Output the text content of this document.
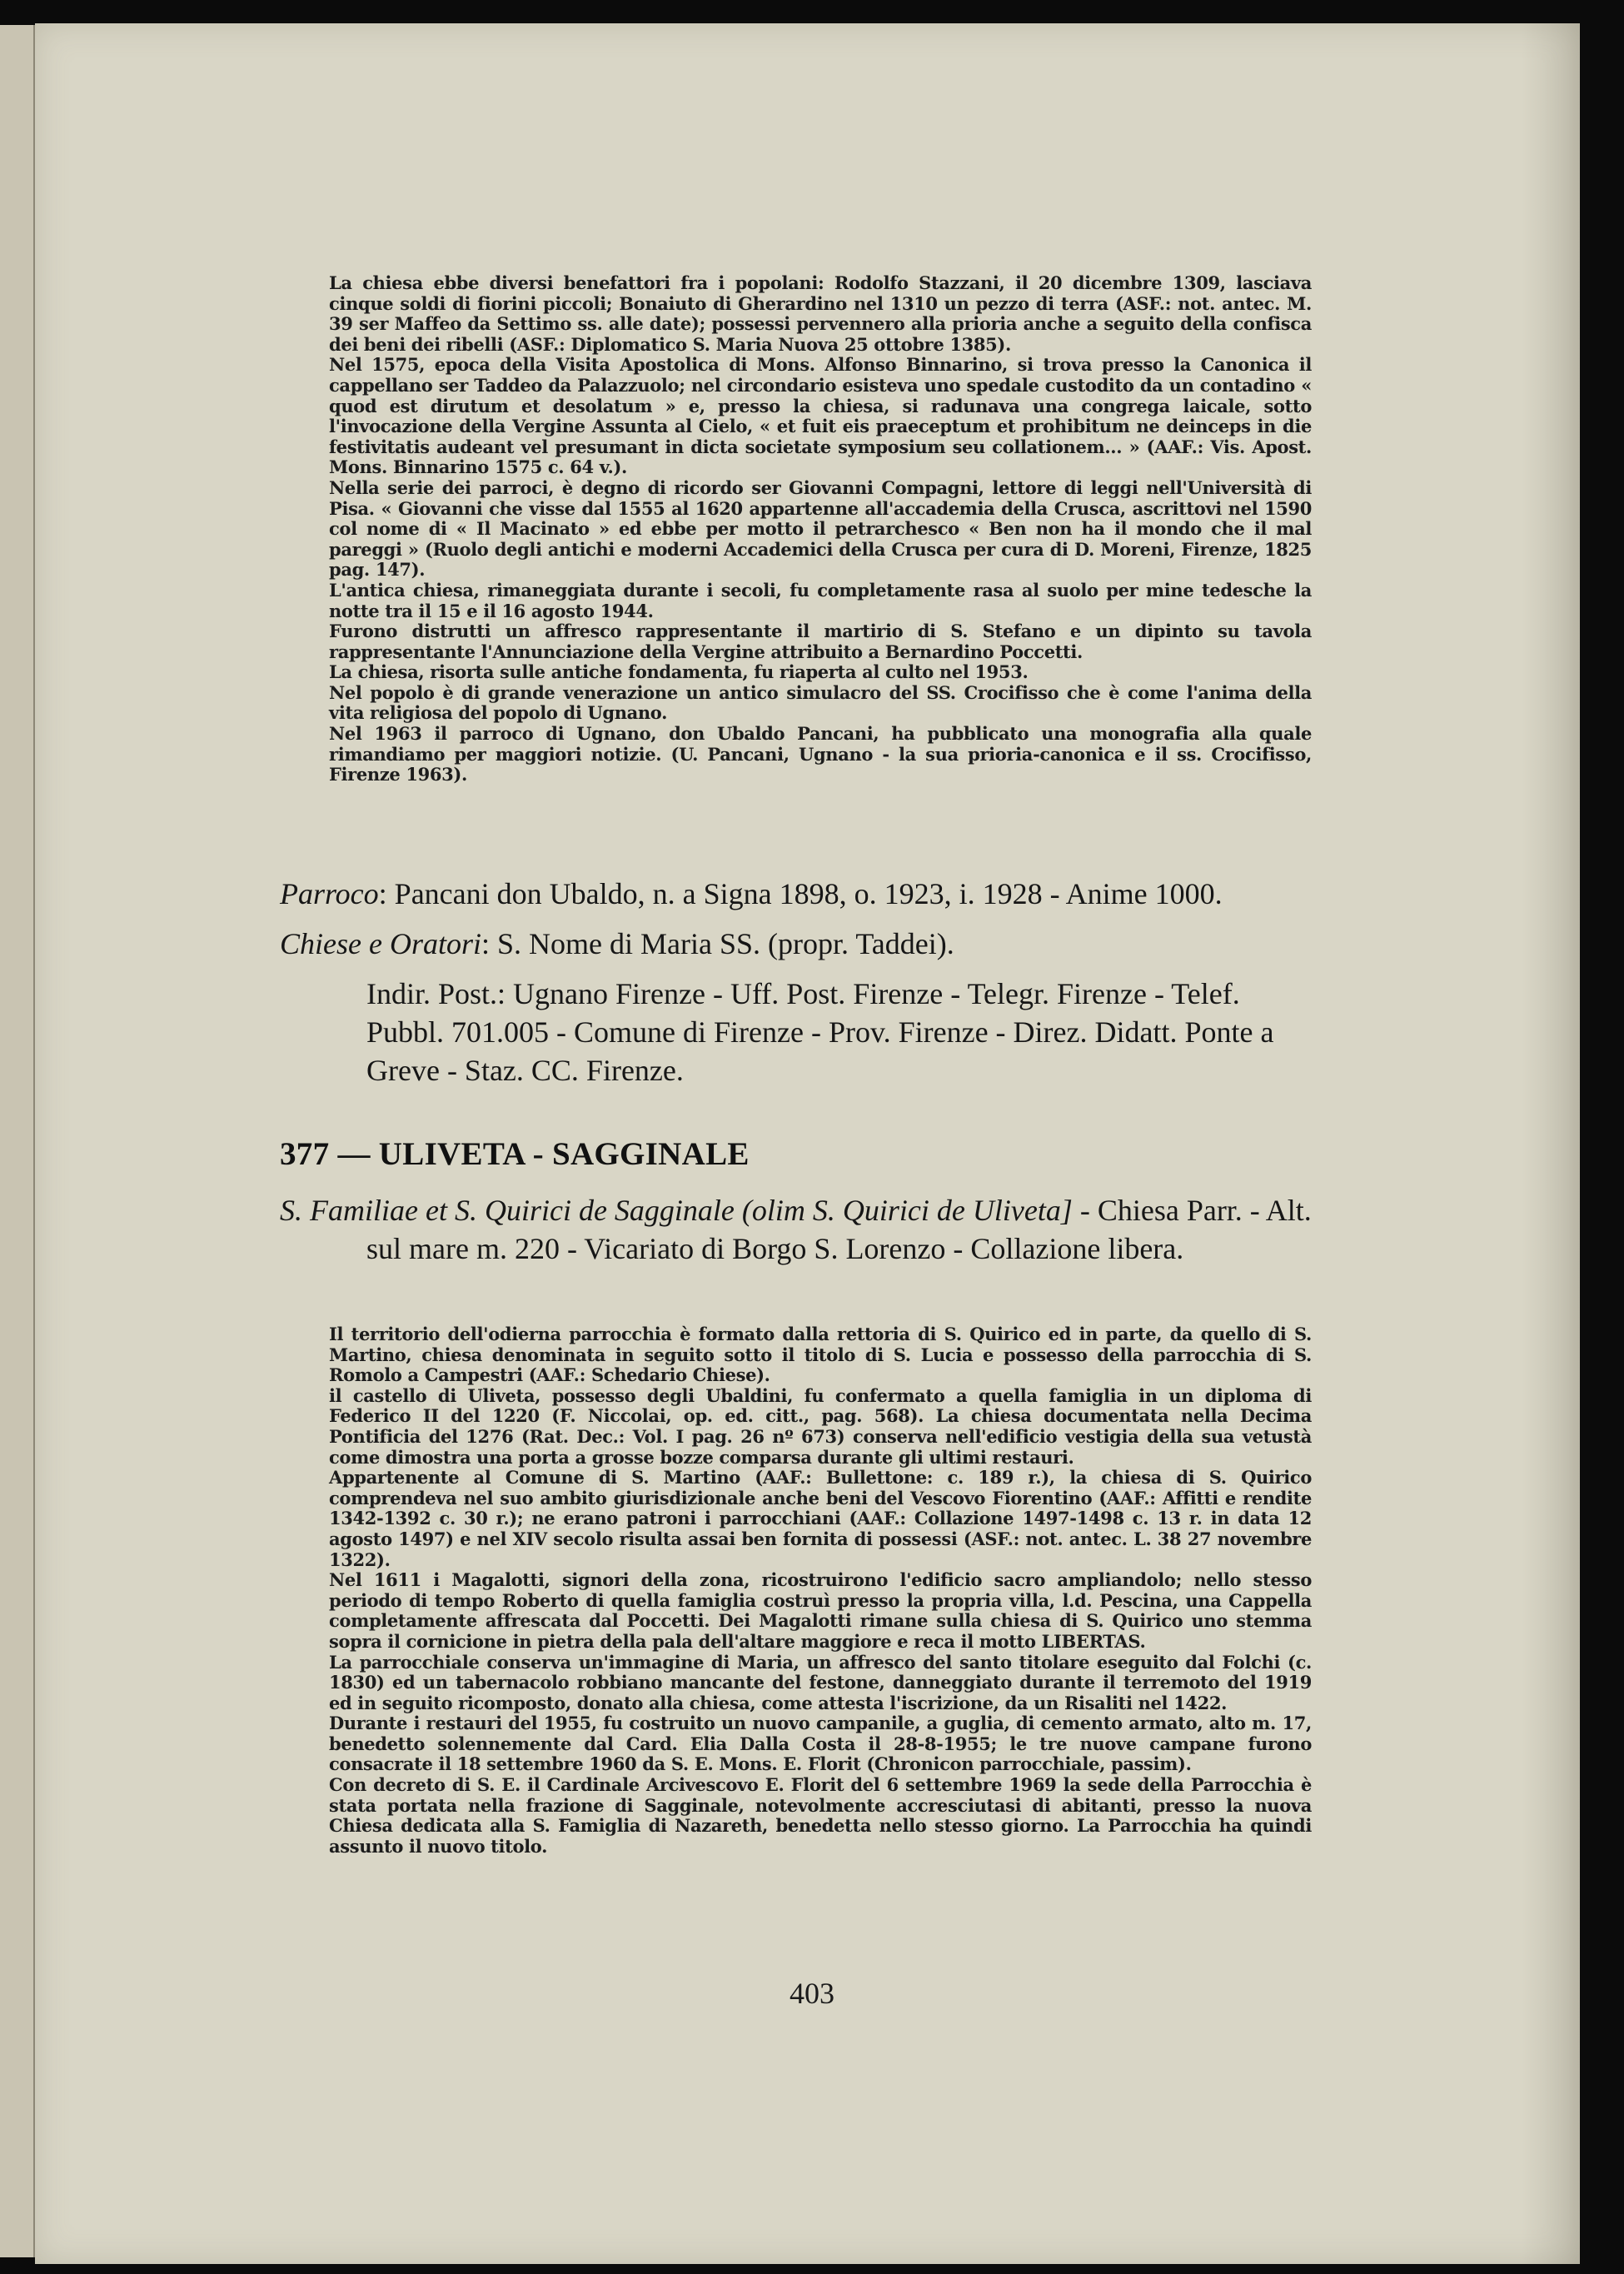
La chiesa ebbe diversi benefattori fra i popolani: Rodolfo Stazzani, il 20 dicembre 1309, lasciava cinque soldi di fiorini piccoli; Bonaiuto di Gherardino nel 1310 un pezzo di terra (ASF.: not. antec. M. 39 ser Maffeo da Settimo ss. alle date); possessi pervennero alla prioria anche a seguito della confisca dei beni dei ribelli (ASF.: Diplomatico S. Maria Nuova 25 ottobre 1385).

Nel 1575, epoca della Visita Apostolica di Mons. Alfonso Binnarino, si trova presso la Canonica il cappellano ser Taddeo da Palazzuolo; nel circondario esisteva uno spedale custodito da un contadino « quod est dirutum et desolatum » e, presso la chiesa, si radunava una congrega laicale, sotto l'invocazione della Vergine Assunta al Cielo, « et fuit eis praeceptum et prohibitum ne deinceps in die festivitatis audeant vel presumant in dicta societate symposium seu collationem... » (AAF.: Vis. Apost. Mons. Binnarino 1575 c. 64 v.).

Nella serie dei parroci, è degno di ricordo ser Giovanni Compagni, lettore di leggi nell'Università di Pisa. « Giovanni che visse dal 1555 al 1620 appartenne all'accademia della Crusca, ascrittovi nel 1590 col nome di « Il Macinato » ed ebbe per motto il petrarchesco « Ben non ha il mondo che il mal pareggi » (Ruolo degli antichi e moderni Accademici della Crusca per cura di D. Moreni, Firenze, 1825 pag. 147).

L'antica chiesa, rimaneggiata durante i secoli, fu completamente rasa al suolo per mine tedesche la notte tra il 15 e il 16 agosto 1944.

Furono distrutti un affresco rappresentante il martirio di S. Stefano e un dipinto su tavola rappresentante l'Annunciazione della Vergine attribuito a Bernardino Poccetti.

La chiesa, risorta sulle antiche fondamenta, fu riaperta al culto nel 1953.

Nel popolo è di grande venerazione un antico simulacro del SS. Crocifisso che è come l'anima della vita religiosa del popolo di Ugnano.

Nel 1963 il parroco di Ugnano, don Ubaldo Pancani, ha pubblicato una monografia alla quale rimandiamo per maggiori notizie. (U. Pancani, Ugnano - la sua prioria-canonica e il ss. Crocifisso, Firenze 1963).

Parroco: Pancani don Ubaldo, n. a Signa 1898, o. 1923, i. 1928 - Anime 1000.

Chiese e Oratori: S. Nome di Maria SS. (propr. Taddei).

Indir. Post.: Ugnano Firenze - Uff. Post. Firenze - Telegr. Firenze - Telef. Pubbl. 701.005 - Comune di Firenze - Prov. Firenze - Direz. Didatt. Ponte a Greve - Staz. CC. Firenze.

377 — ULIVETA - SAGGINALE

S. Familiae et S. Quirici de Sagginale (olim S. Quirici de Uliveta] - Chiesa Parr. - Alt. sul mare m. 220 - Vicariato di Borgo S. Lorenzo - Collazione libera.

Il territorio dell'odierna parrocchia è formato dalla rettoria di S. Quirico ed in parte, da quello di S. Martino, chiesa denominata in seguito sotto il titolo di S. Lucia e possesso della parrocchia di S. Romolo a Campestri (AAF.: Schedario Chiese).

il castello di Uliveta, possesso degli Ubaldini, fu confermato a quella famiglia in un diploma di Federico II del 1220 (F. Niccolai, op. ed. citt., pag. 568). La chiesa documentata nella Decima Pontificia del 1276 (Rat. Dec.: Vol. I pag. 26 nº 673) conserva nell'edificio vestigia della sua vetustà come dimostra una porta a grosse bozze comparsa durante gli ultimi restauri.

Appartenente al Comune di S. Martino (AAF.: Bullettone: c. 189 r.), la chiesa di S. Quirico comprendeva nel suo ambito giurisdizionale anche beni del Vescovo Fiorentino (AAF.: Affitti e rendite 1342-1392 c. 30 r.); ne erano patroni i parrocchiani (AAF.: Collazione 1497-1498 c. 13 r. in data 12 agosto 1497) e nel XIV secolo risulta assai ben fornita di possessi (ASF.: not. antec. L. 38 27 novembre 1322).

Nel 1611 i Magalotti, signori della zona, ricostruirono l'edificio sacro ampliandolo; nello stesso periodo di tempo Roberto di quella famiglia costruì presso la propria villa, l.d. Pescina, una Cappella completamente affrescata dal Poccetti. Dei Magalotti rimane sulla chiesa di S. Quirico uno stemma sopra il cornicione in pietra della pala dell'altare maggiore e reca il motto LIBERTAS.

La parrocchiale conserva un'immagine di Maria, un affresco del santo titolare eseguito dal Folchi (c. 1830) ed un tabernacolo robbiano mancante del festone, danneggiato durante il terremoto del 1919 ed in seguito ricomposto, donato alla chiesa, come attesta l'iscrizione, da un Risaliti nel 1422.

Durante i restauri del 1955, fu costruito un nuovo campanile, a guglia, di cemento armato, alto m. 17, benedetto solennemente dal Card. Elia Dalla Costa il 28-8-1955; le tre nuove campane furono consacrate il 18 settembre 1960 da S. E. Mons. E. Florit (Chronicon parrocchiale, passim).

Con decreto di S. E. il Cardinale Arcivescovo E. Florit del 6 settembre 1969 la sede della Parrocchia è stata portata nella frazione di Sagginale, notevolmente accresciutasi di abitanti, presso la nuova Chiesa dedicata alla S. Famiglia di Nazareth, benedetta nello stesso giorno. La Parrocchia ha quindi assunto il nuovo titolo.

403
